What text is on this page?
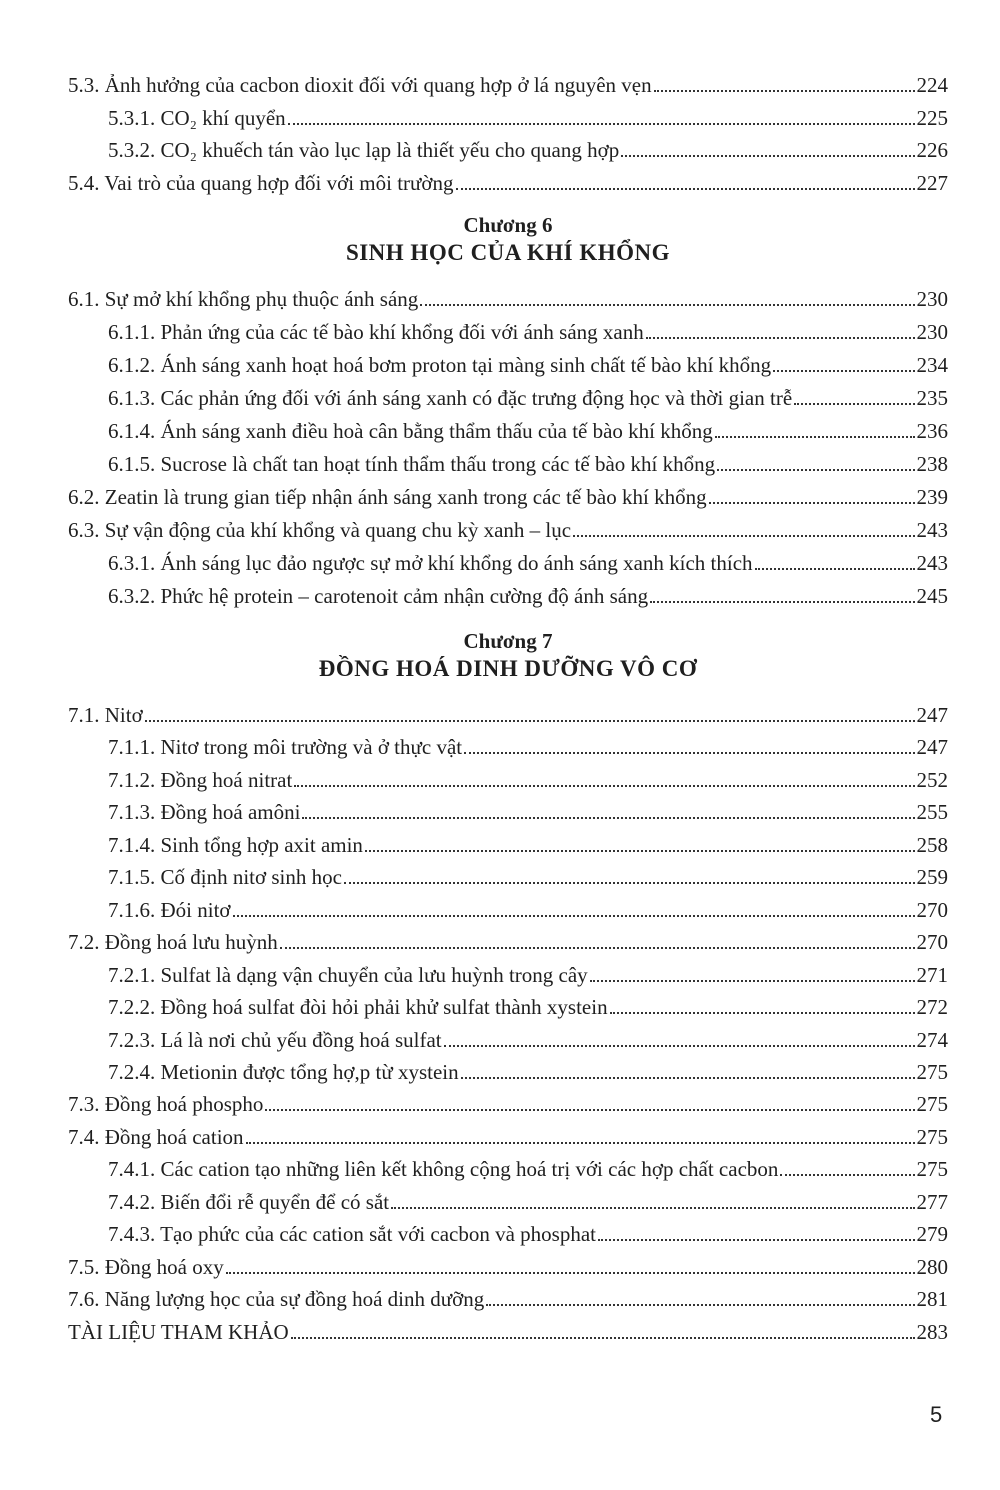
5.3. Ảnh hưởng của cacbon dioxit đối với quang hợp ở lá nguyên vẹn	224
5.3.1. CO₂ khí quyển	225
5.3.2. CO₂ khuếch tán vào lục lạp là thiết yếu cho quang hợp	226
5.4. Vai trò của quang hợp đối với môi trường	227
Chương 6
SINH HỌC CỦA KHÍ KHỔNG
6.1. Sự mở khí khổng phụ thuộc ánh sáng	230
6.1.1. Phản ứng của các tế bào khí khổng đối với ánh sáng xanh	230
6.1.2. Ánh sáng xanh hoạt hoá bơm proton tại màng sinh chất tế bào khí khổng	234
6.1.3. Các phản ứng đối với ánh sáng xanh có đặc trưng động học và thời gian trễ	235
6.1.4. Ánh sáng xanh điều hoà cân bằng thẩm thấu của tế bào khí khổng	236
6.1.5. Sucrose là chất tan hoạt tính thẩm thấu trong các tế bào khí khổng	238
6.2. Zeatin là trung gian tiếp nhận ánh sáng xanh trong các tế bào khí khổng	239
6.3. Sự vận động của khí khổng và quang chu kỳ xanh – lục	243
6.3.1. Ánh sáng lục đảo ngược sự mở khí khổng do ánh sáng xanh kích thích	243
6.3.2. Phức hệ protein – carotenoit cảm nhận cường độ ánh sáng	245
Chương 7
ĐỒNG HOÁ DINH DƯỠNG VÔ CƠ
7.1. Nitơ	247
7.1.1. Nitơ trong môi trường và ở thực vật	247
7.1.2. Đồng hoá nitrat	252
7.1.3. Đồng hoá amôni	255
7.1.4. Sinh tổng hợp axit amin	258
7.1.5. Cố định nitơ sinh học	259
7.1.6. Đói nitơ	270
7.2. Đồng hoá lưu huỳnh	270
7.2.1. Sulfat là dạng vận chuyển của lưu huỳnh trong cây	271
7.2.2. Đồng hoá sulfat đòi hỏi phải khử sulfat thành xystein	272
7.2.3. Lá là nơi chủ yếu đồng hoá sulfat	274
7.2.4. Metionin được tổng hợ,p từ xystein	275
7.3. Đồng hoá phospho	275
7.4. Đồng hoá cation	275
7.4.1. Các cation tạo những liên kết không cộng hoá trị với các hợp chất cacbon	275
7.4.2. Biến đổi rễ quyển để có sắt	277
7.4.3. Tạo phức của các cation sắt với cacbon và phosphat	279
7.5. Đồng hoá oxy	280
7.6. Năng lượng học của sự đồng hoá dinh dưỡng	281
TÀI LIỆU THAM KHẢO	283
5
